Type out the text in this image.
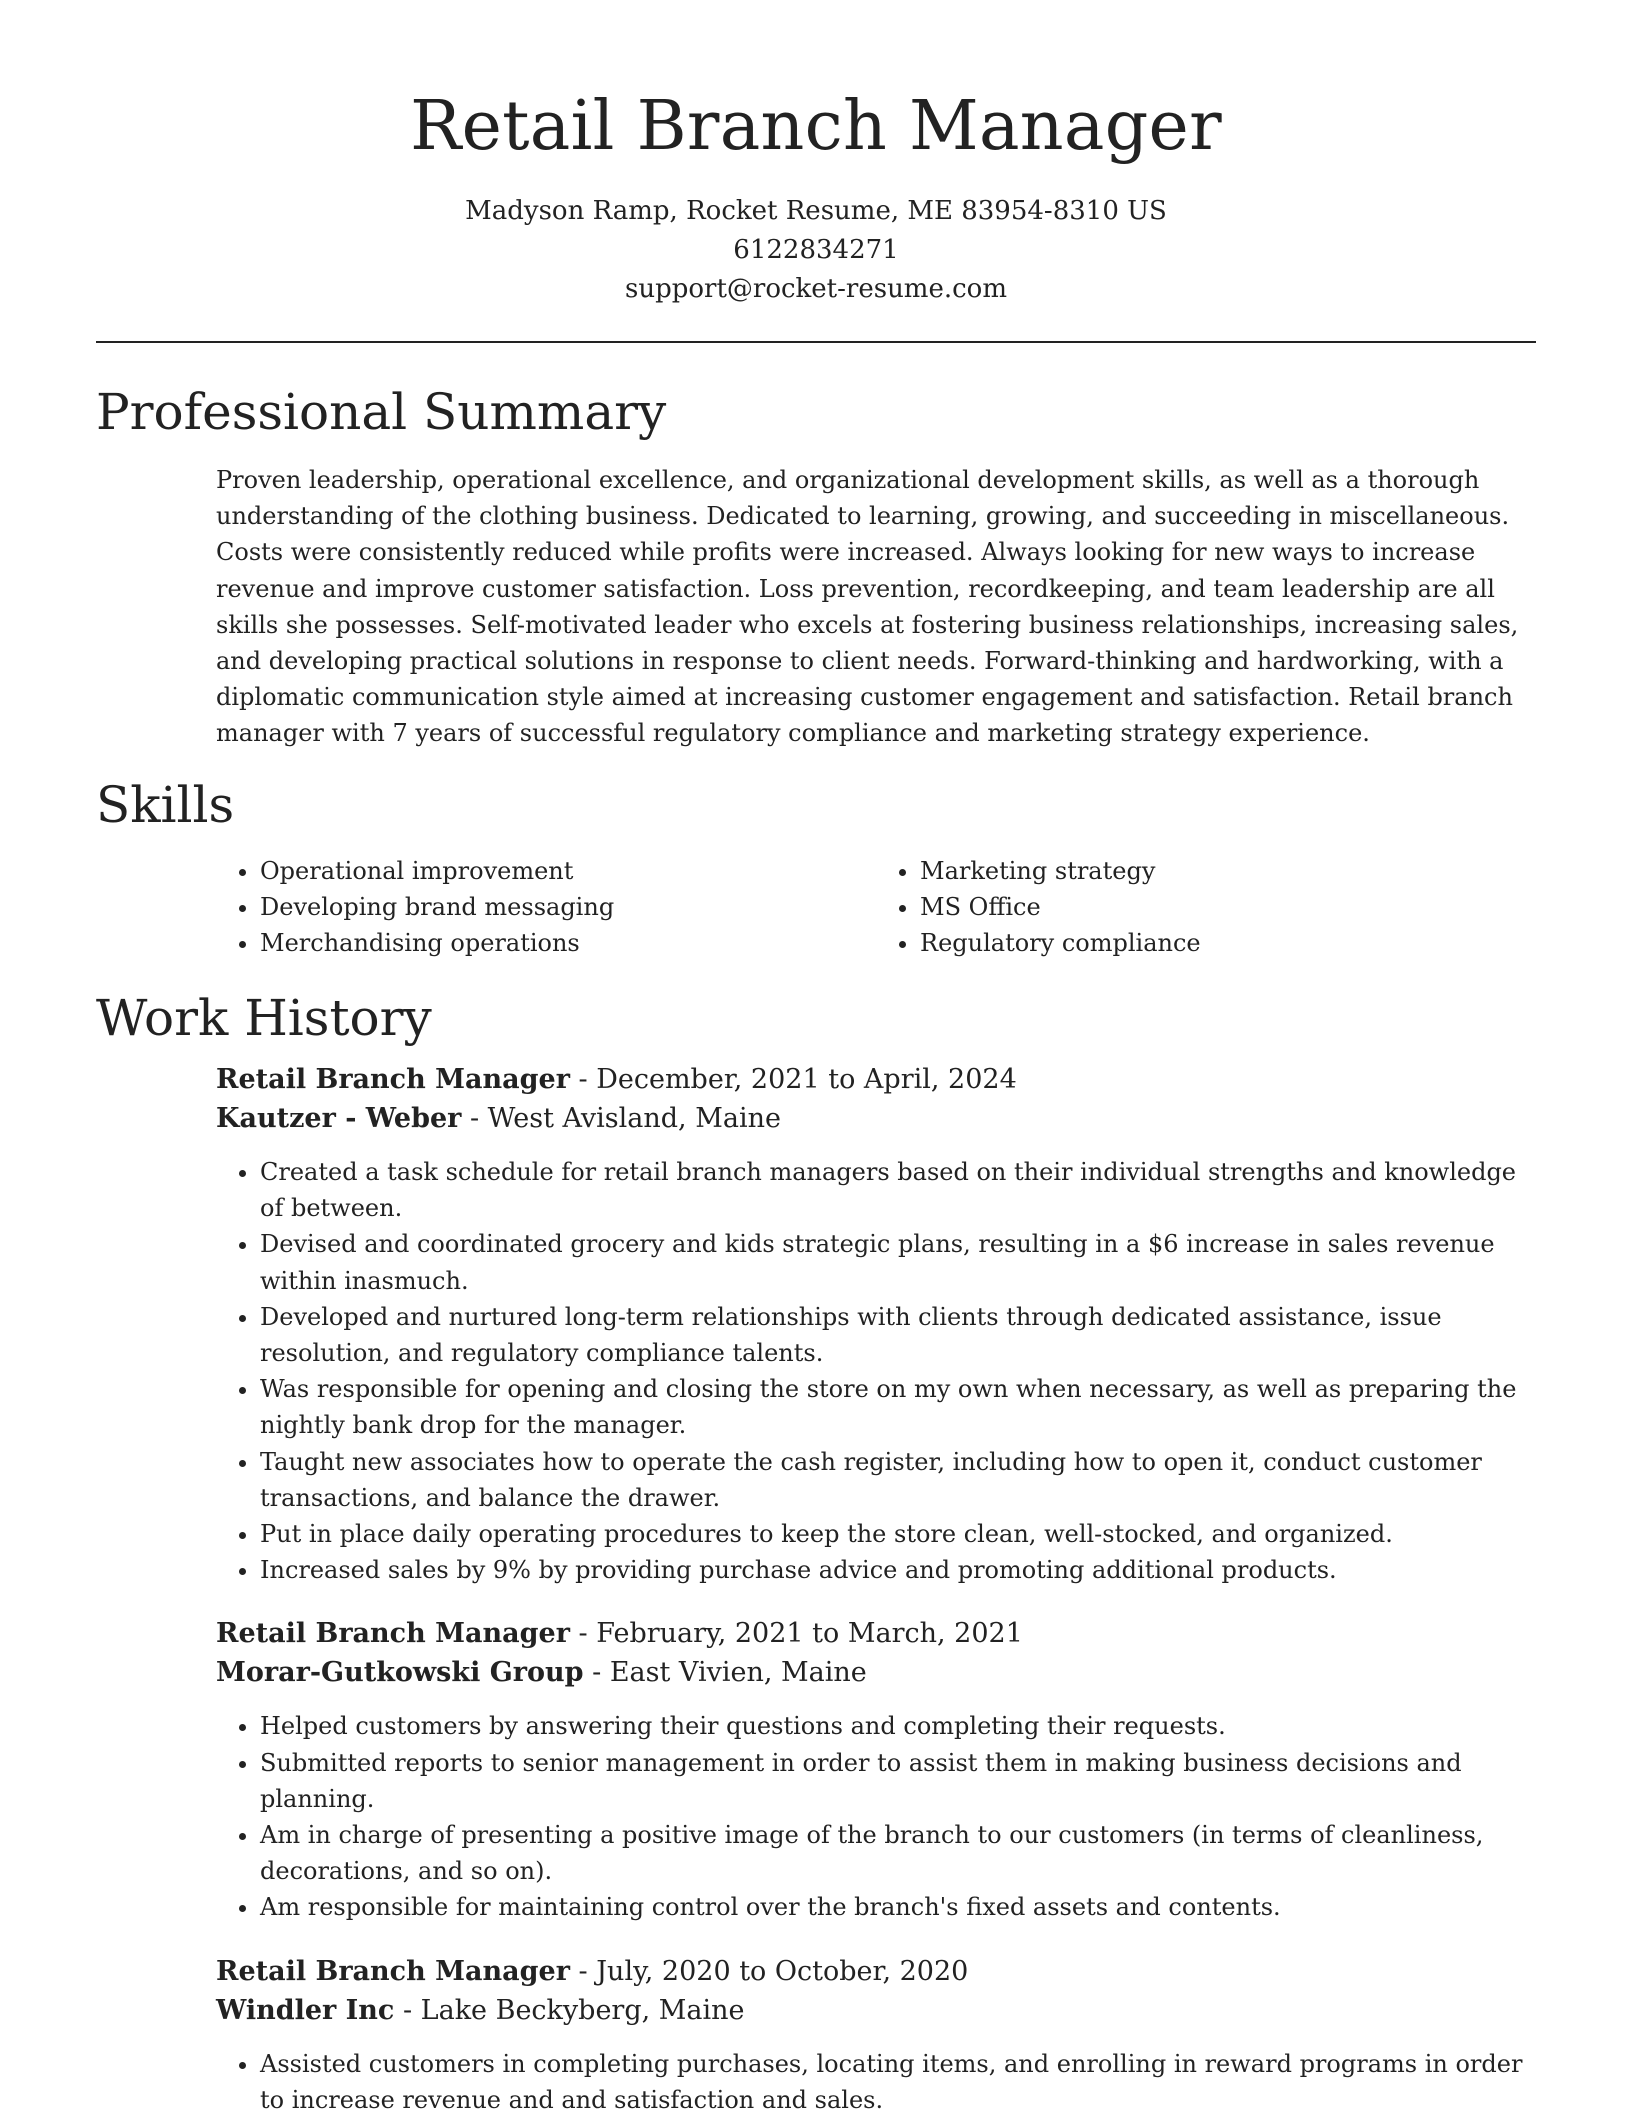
Retail Branch Manager
Madyson Ramp, Rocket Resume, ME 83954-8310 US
6122834271
support@rocket-resume.com
Professional Summary
Proven leadership, operational excellence, and organizational development skills, as well as a thorough understanding of the clothing business. Dedicated to learning, growing, and succeeding in miscellaneous. Costs were consistently reduced while profits were increased. Always looking for new ways to increase revenue and improve customer satisfaction. Loss prevention, recordkeeping, and team leadership are all skills she possesses. Self-motivated leader who excels at fostering business relationships, increasing sales, and developing practical solutions in response to client needs. Forward-thinking and hardworking, with a diplomatic communication style aimed at increasing customer engagement and satisfaction. Retail branch manager with 7 years of successful regulatory compliance and marketing strategy experience.
Skills
• Operational improvement
• Developing brand messaging
• Merchandising operations
• Marketing strategy
• MS Office
• Regulatory compliance
Work History
Retail Branch Manager - December, 2021 to April, 2024
Kautzer - Weber - West Avisland, Maine
• Created a task schedule for retail branch managers based on their individual strengths and knowledge of between.
• Devised and coordinated grocery and kids strategic plans, resulting in a $6 increase in sales revenue within inasmuch.
• Developed and nurtured long-term relationships with clients through dedicated assistance, issue resolution, and regulatory compliance talents.
• Was responsible for opening and closing the store on my own when necessary, as well as preparing the nightly bank drop for the manager.
• Taught new associates how to operate the cash register, including how to open it, conduct customer transactions, and balance the drawer.
• Put in place daily operating procedures to keep the store clean, well-stocked, and organized.
• Increased sales by 9% by providing purchase advice and promoting additional products.
Retail Branch Manager - February, 2021 to March, 2021
Morar-Gutkowski Group - East Vivien, Maine
• Helped customers by answering their questions and completing their requests.
• Submitted reports to senior management in order to assist them in making business decisions and planning.
• Am in charge of presenting a positive image of the branch to our customers (in terms of cleanliness, decorations, and so on).
• Am responsible for maintaining control over the branch's fixed assets and contents.
Retail Branch Manager - July, 2020 to October, 2020
Windler Inc - Lake Beckyberg, Maine
• Assisted customers in completing purchases, locating items, and enrolling in reward programs in order to increase revenue and and satisfaction and sales.
